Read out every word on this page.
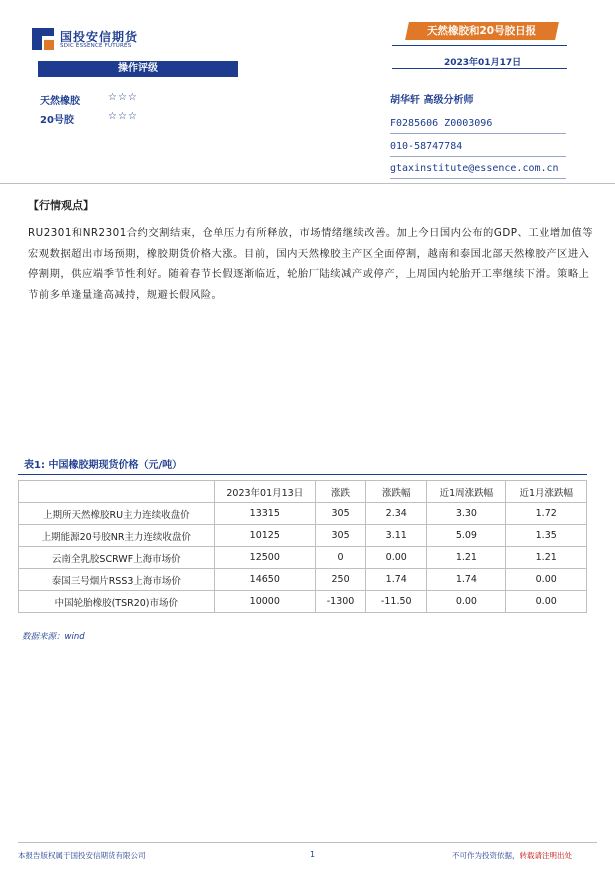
国投安信期货
SDIC ESSENCE FUTURES
天然橡胶和20号胶日报
2023年01月17日
操作评级
天然橡胶	☆☆☆
20号胶	☆☆☆
胡华轩 高级分析师
F0285606 Z0003096
010-58747784
gtaxinstitute@essence.com.cn
【行情观点】
RU2301和NR2301合约交割结束，仓单压力有所释放，市场情绪继续改善。加上今日国内公布的GDP、工业增加值等宏观数据超出市场预期，橡胶期货价格大涨。目前，国内天然橡胶主产区全面停割，越南和泰国北部天然橡胶产区进入停割期，供应端季节性利好。随着春节长假逐渐临近，轮胎厂陆续减产或停产，上周国内轮胎开工率继续下滑。策略上节前多单逢量逢高减持，规避长假风险。
表1: 中国橡胶期现货价格（元/吨）
	2023年01月13日	涨跌	涨跌幅	近1周涨跌幅	近1月涨跌幅
上期所天然橡胶RU主力连续收盘价	13315	305	2.34	3.30	1.72
上期能源20号胶NR主力连续收盘价	10125	305	3.11	5.09	1.35
云南全乳胶SCRWF上海市场价	12500	0	0.00	1.21	1.21
泰国三号烟片RSS3上海市场价	14650	250	1.74	1.74	0.00
中国轮胎橡胶(TSR20)市场价	10000	-1300	-11.50	0.00	0.00
数据来源：wind
本报告版权属于国投安信期货有限公司	1	不可作为投资依据，转载请注明出处
